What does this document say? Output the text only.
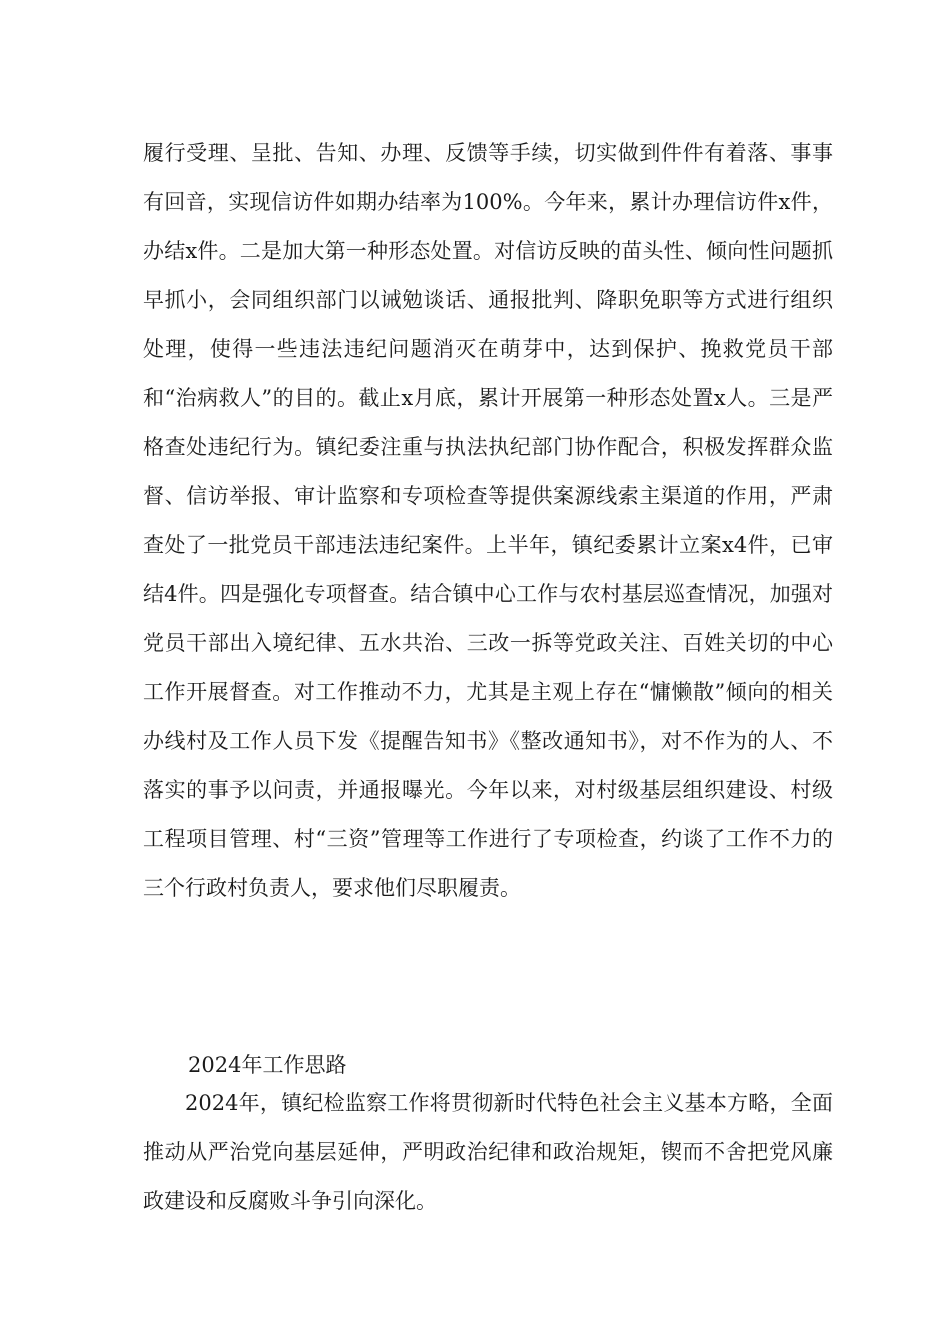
履行受理、呈批、告知、办理、反馈等手续，切实做到件件有着落、事事有回音，实现信访件如期办结率为100%。今年来，累计办理信访件x件，办结x件。二是加大第一种形态处置。对信访反映的苗头性、倾向性问题抓早抓小，会同组织部门以诫勉谈话、通报批判、降职免职等方式进行组织处理，使得一些违法违纪问题消灭在萌芽中，达到保护、挽救党员干部和“治病救人”的目的。截止x月底，累计开展第一种形态处置x人。三是严格查处违纪行为。镇纪委注重与执法执纪部门协作配合，积极发挥群众监督、信访举报、审计监察和专项检查等提供案源线索主渠道的作用，严肃查处了一批党员干部违法违纪案件。上半年，镇纪委累计立案x4件，已审结4件。四是强化专项督查。结合镇中心工作与农村基层巡查情况，加强对党员干部出入境纪律、五水共治、三改一拆等党政关注、百姓关切的中心工作开展督查。对工作推动不力，尤其是主观上存在“慵懒散”倾向的相关办线村及工作人员下发《提醒告知书》《整改通知书》，对不作为的人、不落实的事予以问责，并通报曝光。今年以来，对村级基层组织建设、村级工程项目管理、村“三资”管理等工作进行了专项检查，约谈了工作不力的三个行政村负责人，要求他们尽职履责。

2024年工作思路

2024年，镇纪检监察工作将贯彻新时代特色社会主义基本方略，全面推动从严治党向基层延伸，严明政治纪律和政治规矩，锲而不舍把党风廉政建设和反腐败斗争引向深化。
